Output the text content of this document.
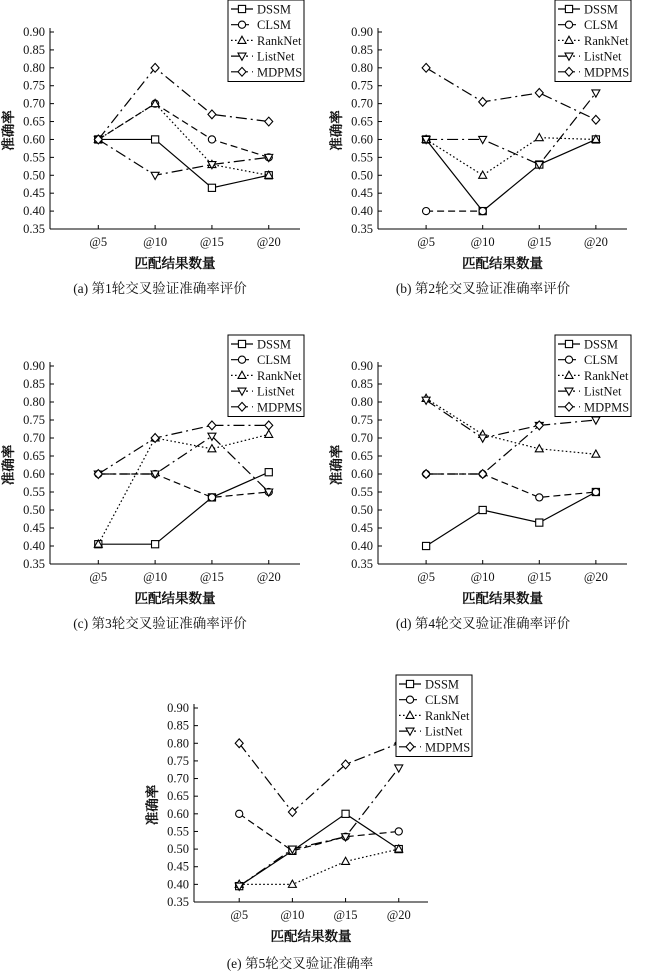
0.35
0.40
0.45
0.50
0.55
0.60
0.65
0.70
0.75
0.80
0.85
0.90
@5	@10	@15	@20
匹配结果数量
准确率
DSSM
CLSM
RankNet
ListNet
MDPMS
(a) 第1轮交叉验证准确率评价
0.35
0.40
0.45
0.50
0.55
0.60
0.65
0.70
0.75
0.80
0.85
0.90
@5	@10	@15	@20
匹配结果数量
准确率
DSSM
CLSM
RankNet
ListNet
MDPMS
(b) 第2轮交叉验证准确率评价
0.35
0.40
0.45
0.50
0.55
0.60
0.65
0.70
0.75
0.80
0.85
0.90
@5	@10	@15	@20
匹配结果数量
准确率
DSSM
CLSM
RankNet
ListNet
MDPMS
(c) 第3轮交叉验证准确率评价
0.35
0.40
0.45
0.50
0.55
0.60
0.65
0.70
0.75
0.80
0.85
0.90
@5	@10	@15	@20
匹配结果数量
准确率
DSSM
CLSM
RankNet
ListNet
MDPMS
(d) 第4轮交叉验证准确率评价
0.35
0.40
0.45
0.50
0.55
0.60
0.65
0.70
0.75
0.80
0.85
0.90
@5	@10 @15 @20
匹配结果数量
准确率
DSSM
CLSM
RankNet
ListNet
MDPMS
(e) 第5轮交叉验证准确率
